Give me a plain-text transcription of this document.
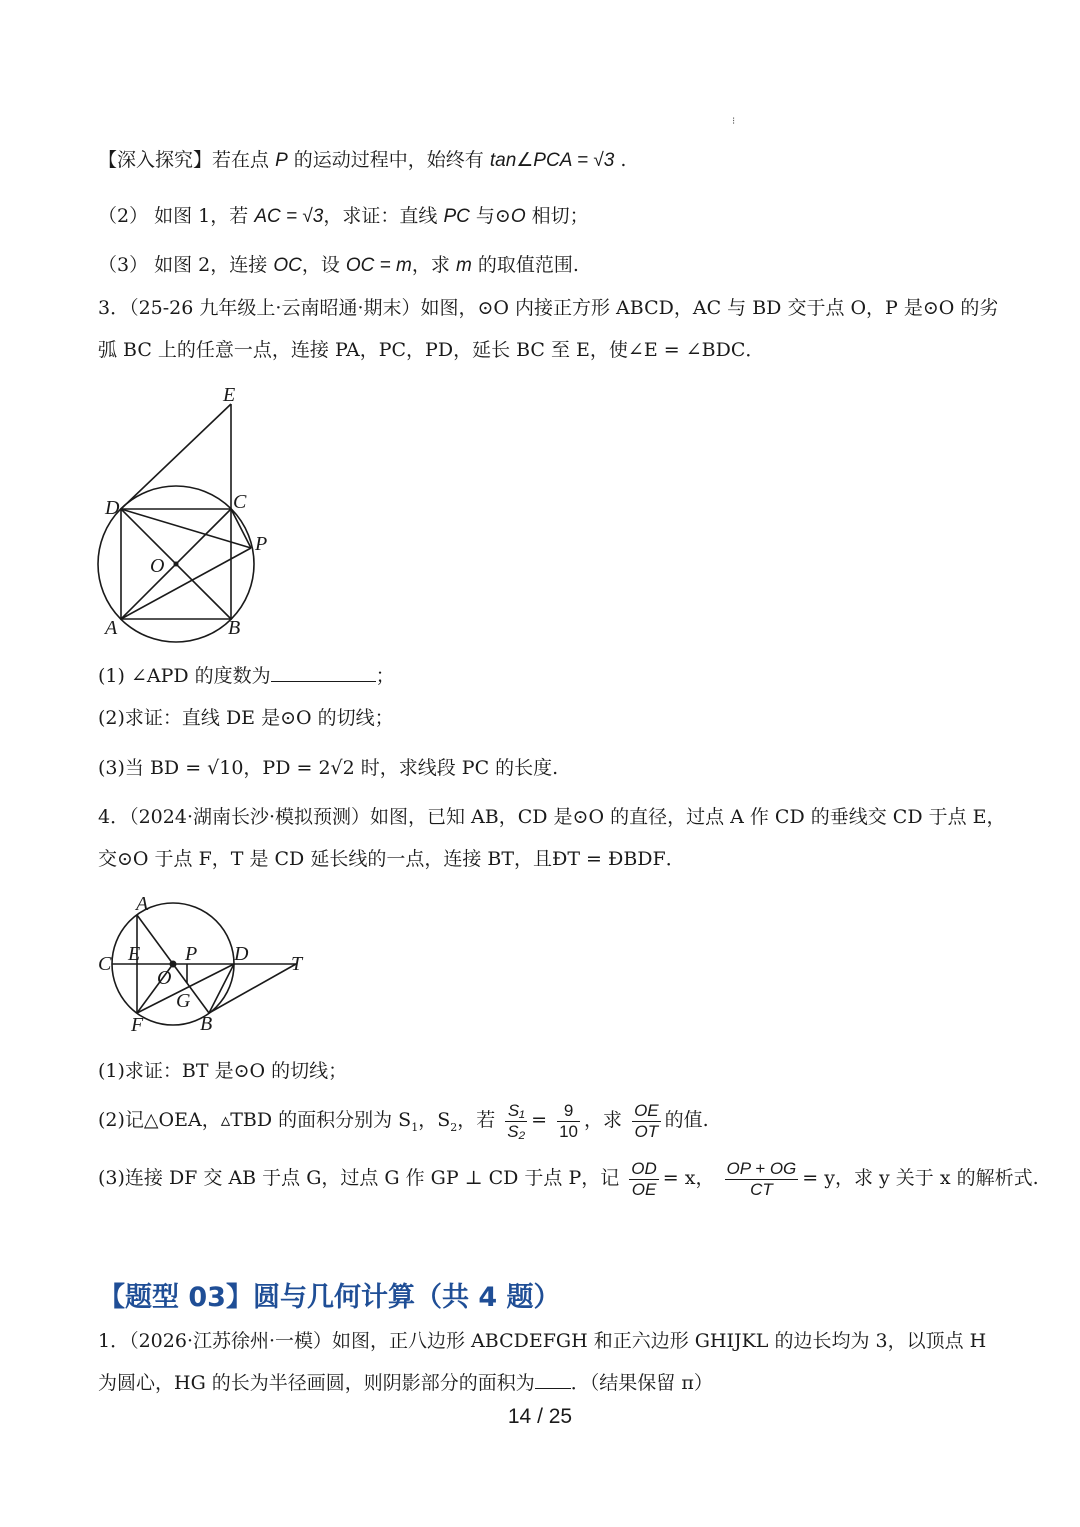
⁝
【深入探究】若在点 P 的运动过程中，始终有 tan∠PCA = √3 .
（2） 如图 1，若 AC = √3，求证：直线 PC 与⊙O 相切；
（3） 如图 2，连接 OC，设 OC = m，求 m 的取值范围.
3．（25-26 九年级上·云南昭通·期末）如图，⊙O 内接正方形 ABCD，AC 与 BD 交于点 O，P 是⊙O 的劣
弧 BC 上的任意一点，连接 PA，PC，PD，延长 BC 至 E，使∠E = ∠BDC．
E
D	C
P
O
A	B
(1) ∠APD 的度数为	；
(2)求证：直线 DE 是⊙O 的切线；
(3)当 BD = √10，PD = 2√2 时，求线段 PC 的长度.
4．（2024·湖南长沙·模拟预测）如图，已知 AB，CD 是⊙O 的直径，过点 A 作 CD 的垂线交 CD 于点 E，
交⊙O 于点 F，T 是 CD 延长线的一点，连接 BT，且ÐT = ÐBDF．
A
C E P D T
O
G
F	B
(1)求证：BT 是⊙O 的切线；
(2)记△OEA，▵TBD 的面积分别为 $S_1$，$S_2$，若 $\frac{\text{S₁}}{\text{S₂}} = \frac{9}{10}$ ，求 $\frac{OE}{OT}$ 的值.
(3)连接 DF 交 AB 于点 G，过点 G 作 GP ⊥ CD 于点 P，记 $\frac{OD}{OE} = x$， $\frac{OP + OG}{CT} = y$，求 y 关于 x 的解析式.
【题型 03】圆与几何计算（共 4 题）
1．（2026·江苏徐州·一模）如图，正八边形 ABCDEFGH 和正六边形 GHIJKL 的边长均为 3，以顶点 H
为圆心，HG 的长为半径画圆，则阴影部分的面积为 ．（结果保留 π）
14 / 25
